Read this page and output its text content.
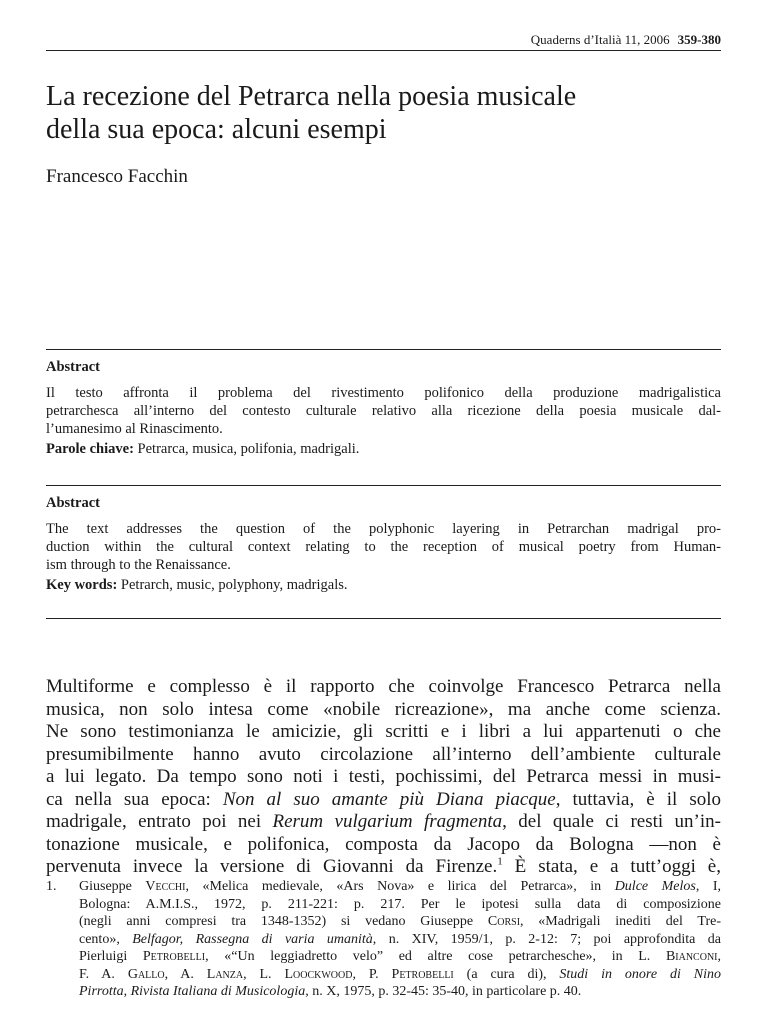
Quaderns d’Italià 11, 2006 359-380
La recezione del Petrarca nella poesia musicale
della sua epoca: alcuni esempi
Francesco Facchin
Abstract
Il testo affronta il problema del rivestimento polifonico della produzione madrigalistica
petrarchesca all’interno del contesto culturale relativo alla ricezione della poesia musicale dal-
l’umanesimo al Rinascimento.
Parole chiave: Petrarca, musica, polifonia, madrigali.
Abstract
The text addresses the question of the polyphonic layering in Petrarchan madrigal pro-
duction within the cultural context relating to the reception of musical poetry from Human-
ism through to the Renaissance.
Key words: Petrarch, music, polyphony, madrigals.
Multiforme e complesso è il rapporto che coinvolge Francesco Petrarca nella
musica, non solo intesa come «nobile ricreazione», ma anche come scienza.
Ne sono testimonianza le amicizie, gli scritti e i libri a lui appartenuti o che
presumibilmente hanno avuto circolazione all’interno dell’ambiente culturale
a lui legato. Da tempo sono noti i testi, pochissimi, del Petrarca messi in musi-
ca nella sua epoca: Non al suo amante più Diana piacque, tuttavia, è il solo
madrigale, entrato poi nei Rerum vulgarium fragmenta, del quale ci resti un’in-
tonazione musicale, e polifonica, composta da Jacopo da Bologna —non è
pervenuta invece la versione di Giovanni da Firenze.$^1$ È stata, e a tutt’oggi è,
1. Giuseppe Vecchi, «Melica medievale, «Ars Nova» e lirica del Petrarca», in Dulce Melos, I,
Bologna: A.M.I.S., 1972, p. 211-221: p. 217. Per le ipotesi sulla data di composizione
(negli anni compresi tra 1348-1352) si vedano Giuseppe Corsi, «Madrigali inediti del Tre-
cento», Belfagor, Rassegna di varia umanità, n. XIV, 1959/1, p. 2-12: 7; poi approfondita da
Pierluigi Petrobelli, «“Un leggiadretto velo” ed altre cose petrarchesche», in L. Bianconi,
F. A. Gallo, A. Lanza, L. Loockwood, P. Petrobelli (a cura di), Studi in onore di Nino
Pirrotta, Rivista Italiana di Musicologia, n. X, 1975, p. 32-45: 35-40, in particolare p. 40.
